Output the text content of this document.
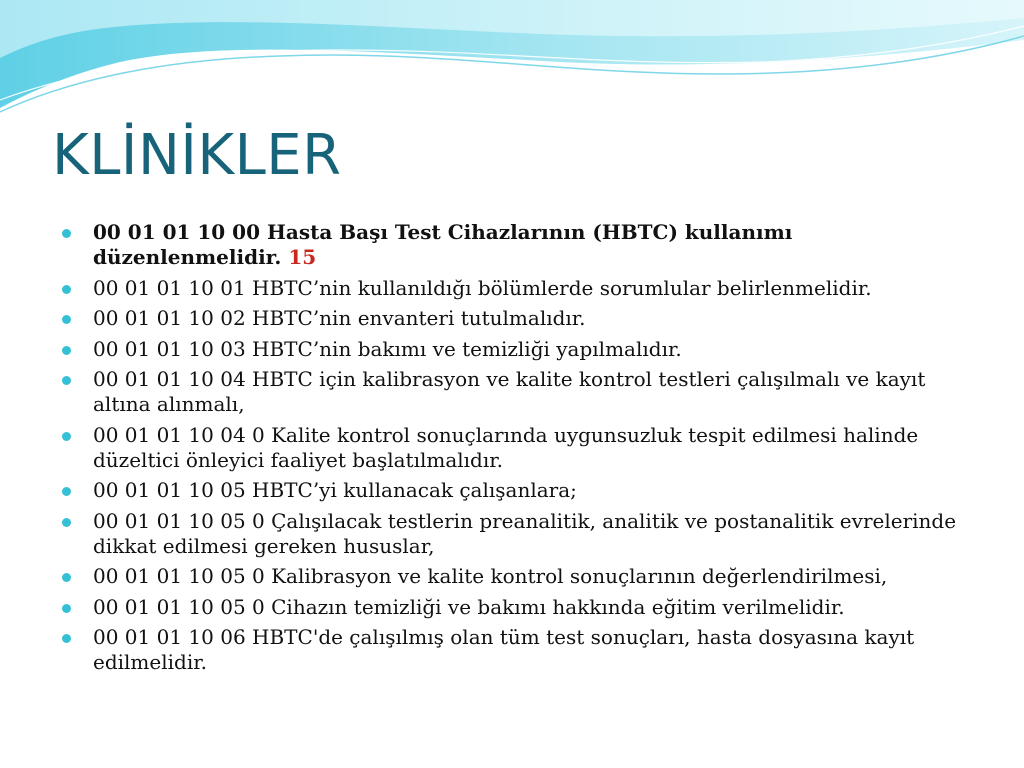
KLİNİKLER
00 01 01 10 00 Hasta Başı Test Cihazlarının (HBTC) kullanımı düzenlenmelidir. 15
00 01 01 10 01 HBTC’nin kullanıldığı bölümlerde sorumlular belirlenmelidir.
00 01 01 10 02 HBTC’nin envanteri tutulmalıdır.
00 01 01 10 03 HBTC’nin bakımı ve temizliği yapılmalıdır.
00 01 01 10 04 HBTC için kalibrasyon ve kalite kontrol testleri çalışılmalı ve kayıt altına alınmalı,
00 01 01 10 04 0 Kalite kontrol sonuçlarında uygunsuzluk tespit edilmesi halinde düzeltici önleyici faaliyet başlatılmalıdır.
00 01 01 10 05 HBTC’yi kullanacak çalışanlara;
00 01 01 10 05 0 Çalışılacak testlerin preanalitik, analitik ve postanalitik evrelerinde dikkat edilmesi gereken hususlar,
00 01 01 10 05 0 Kalibrasyon ve kalite kontrol sonuçlarının değerlendirilmesi,
00 01 01 10 05 0 Cihazın temizliği ve bakımı hakkında eğitim verilmelidir.
00 01 01 10 06 HBTC'de çalışılmış olan tüm test sonuçları, hasta dosyasına kayıt edilmelidir.
